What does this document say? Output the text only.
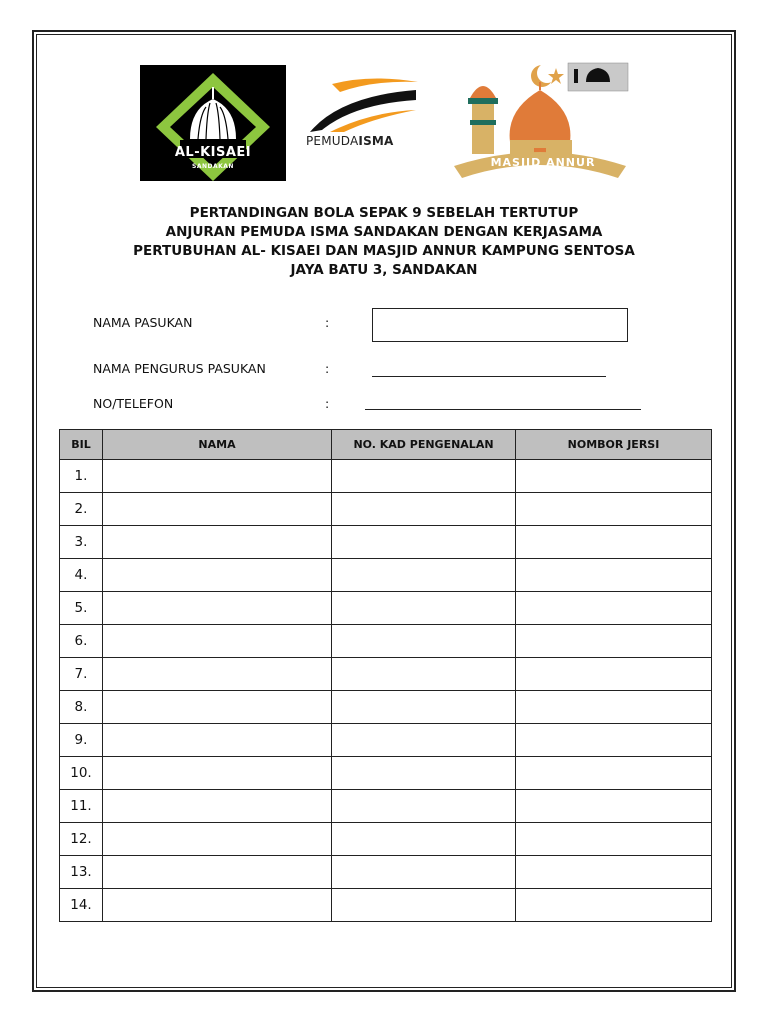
AL-KISAEI
SANDAKAN
PEMUDAISMA
MASJID ANNUR
PERTANDINGAN BOLA SEPAK 9 SEBELAH TERTUTUP
ANJURAN PEMUDA ISMA SANDAKAN DENGAN KERJASAMA
PERTUBUHAN AL- KISAEI DAN MASJID ANNUR KAMPUNG SENTOSA
JAYA BATU 3, SANDAKAN
NAMA PASUKAN	:
NAMA PENGURUS PASUKAN	:
NO/TELEFON	:
BIL	NAMA	NO. KAD PENGENALAN	NOMBOR JERSI
1.			
2.			
3.			
4.			
5.			
6.			
7.			
8.			
9.			
10.			
11.			
12.			
13.			
14.			
